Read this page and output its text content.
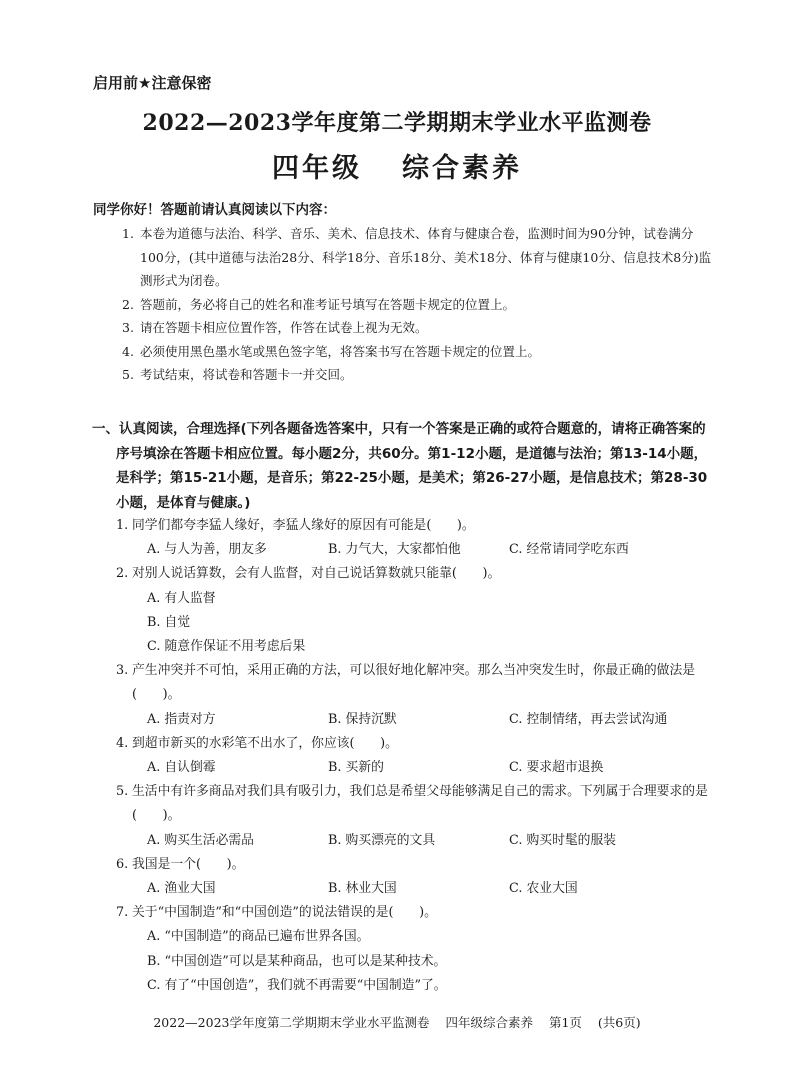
启用前★注意保密
2022—2023学年度第二学期期末学业水平监测卷
四年级 综合素养
同学你好！答题前请认真阅读以下内容：
1. 本卷为道德与法治、科学、音乐、美术、信息技术、体育与健康合卷，监测时间为90分钟，试卷满分100分，(其中道德与法治28分、科学18分、音乐18分、美术18分、体育与健康10分、信息技术8分)监测形式为闭卷。
2. 答题前，务必将自己的姓名和准考证号填写在答题卡规定的位置上。
3. 请在答题卡相应位置作答，作答在试卷上视为无效。
4. 必须使用黑色墨水笔或黑色签字笔，将答案书写在答题卡规定的位置上。
5. 考试结束，将试卷和答题卡一并交回。
一、认真阅读，合理选择(下列各题备选答案中，只有一个答案是正确的或符合题意的，请将正确答案的序号填涂在答题卡相应位置。每小题2分，共60分。第1-12小题，是道德与法治；第13-14小题，是科学；第15-21小题，是音乐；第22-25小题，是美术；第26-27小题，是信息技术；第28-30小题，是体育与健康。)
1. 同学们都夸李猛人缘好，李猛人缘好的原因有可能是(　　)。
A. 与人为善，朋友多	B. 力气大，大家都怕他	C. 经常请同学吃东西
2. 对别人说话算数，会有人监督，对自己说话算数就只能靠(　　)。
A. 有人监督
B. 自觉
C. 随意作保证不用考虑后果
3. 产生冲突并不可怕，采用正确的方法，可以很好地化解冲突。那么当冲突发生时，你最正确的做法是(　　)。
A. 指责对方	B. 保持沉默	C. 控制情绪，再去尝试沟通
4. 到超市新买的水彩笔不出水了，你应该(　　)。
A. 自认倒霉	B. 买新的	C. 要求超市退换
5. 生活中有许多商品对我们具有吸引力，我们总是希望父母能够满足自己的需求。下列属于合理要求的是(　　)。
A. 购买生活必需品	B. 购买漂亮的文具	C. 购买时髦的服装
6. 我国是一个(　　)。
A. 渔业大国	B. 林业大国	C. 农业大国
7. 关于“中国制造”和“中国创造”的说法错误的是(　　)。
A. “中国制造”的商品已遍布世界各国。
B. “中国创造”可以是某种商品，也可以是某种技术。
C. 有了“中国创造”，我们就不再需要“中国制造”了。
2022—2023学年度第二学期期末学业水平监测卷 四年级综合素养 第1页 (共6页)
